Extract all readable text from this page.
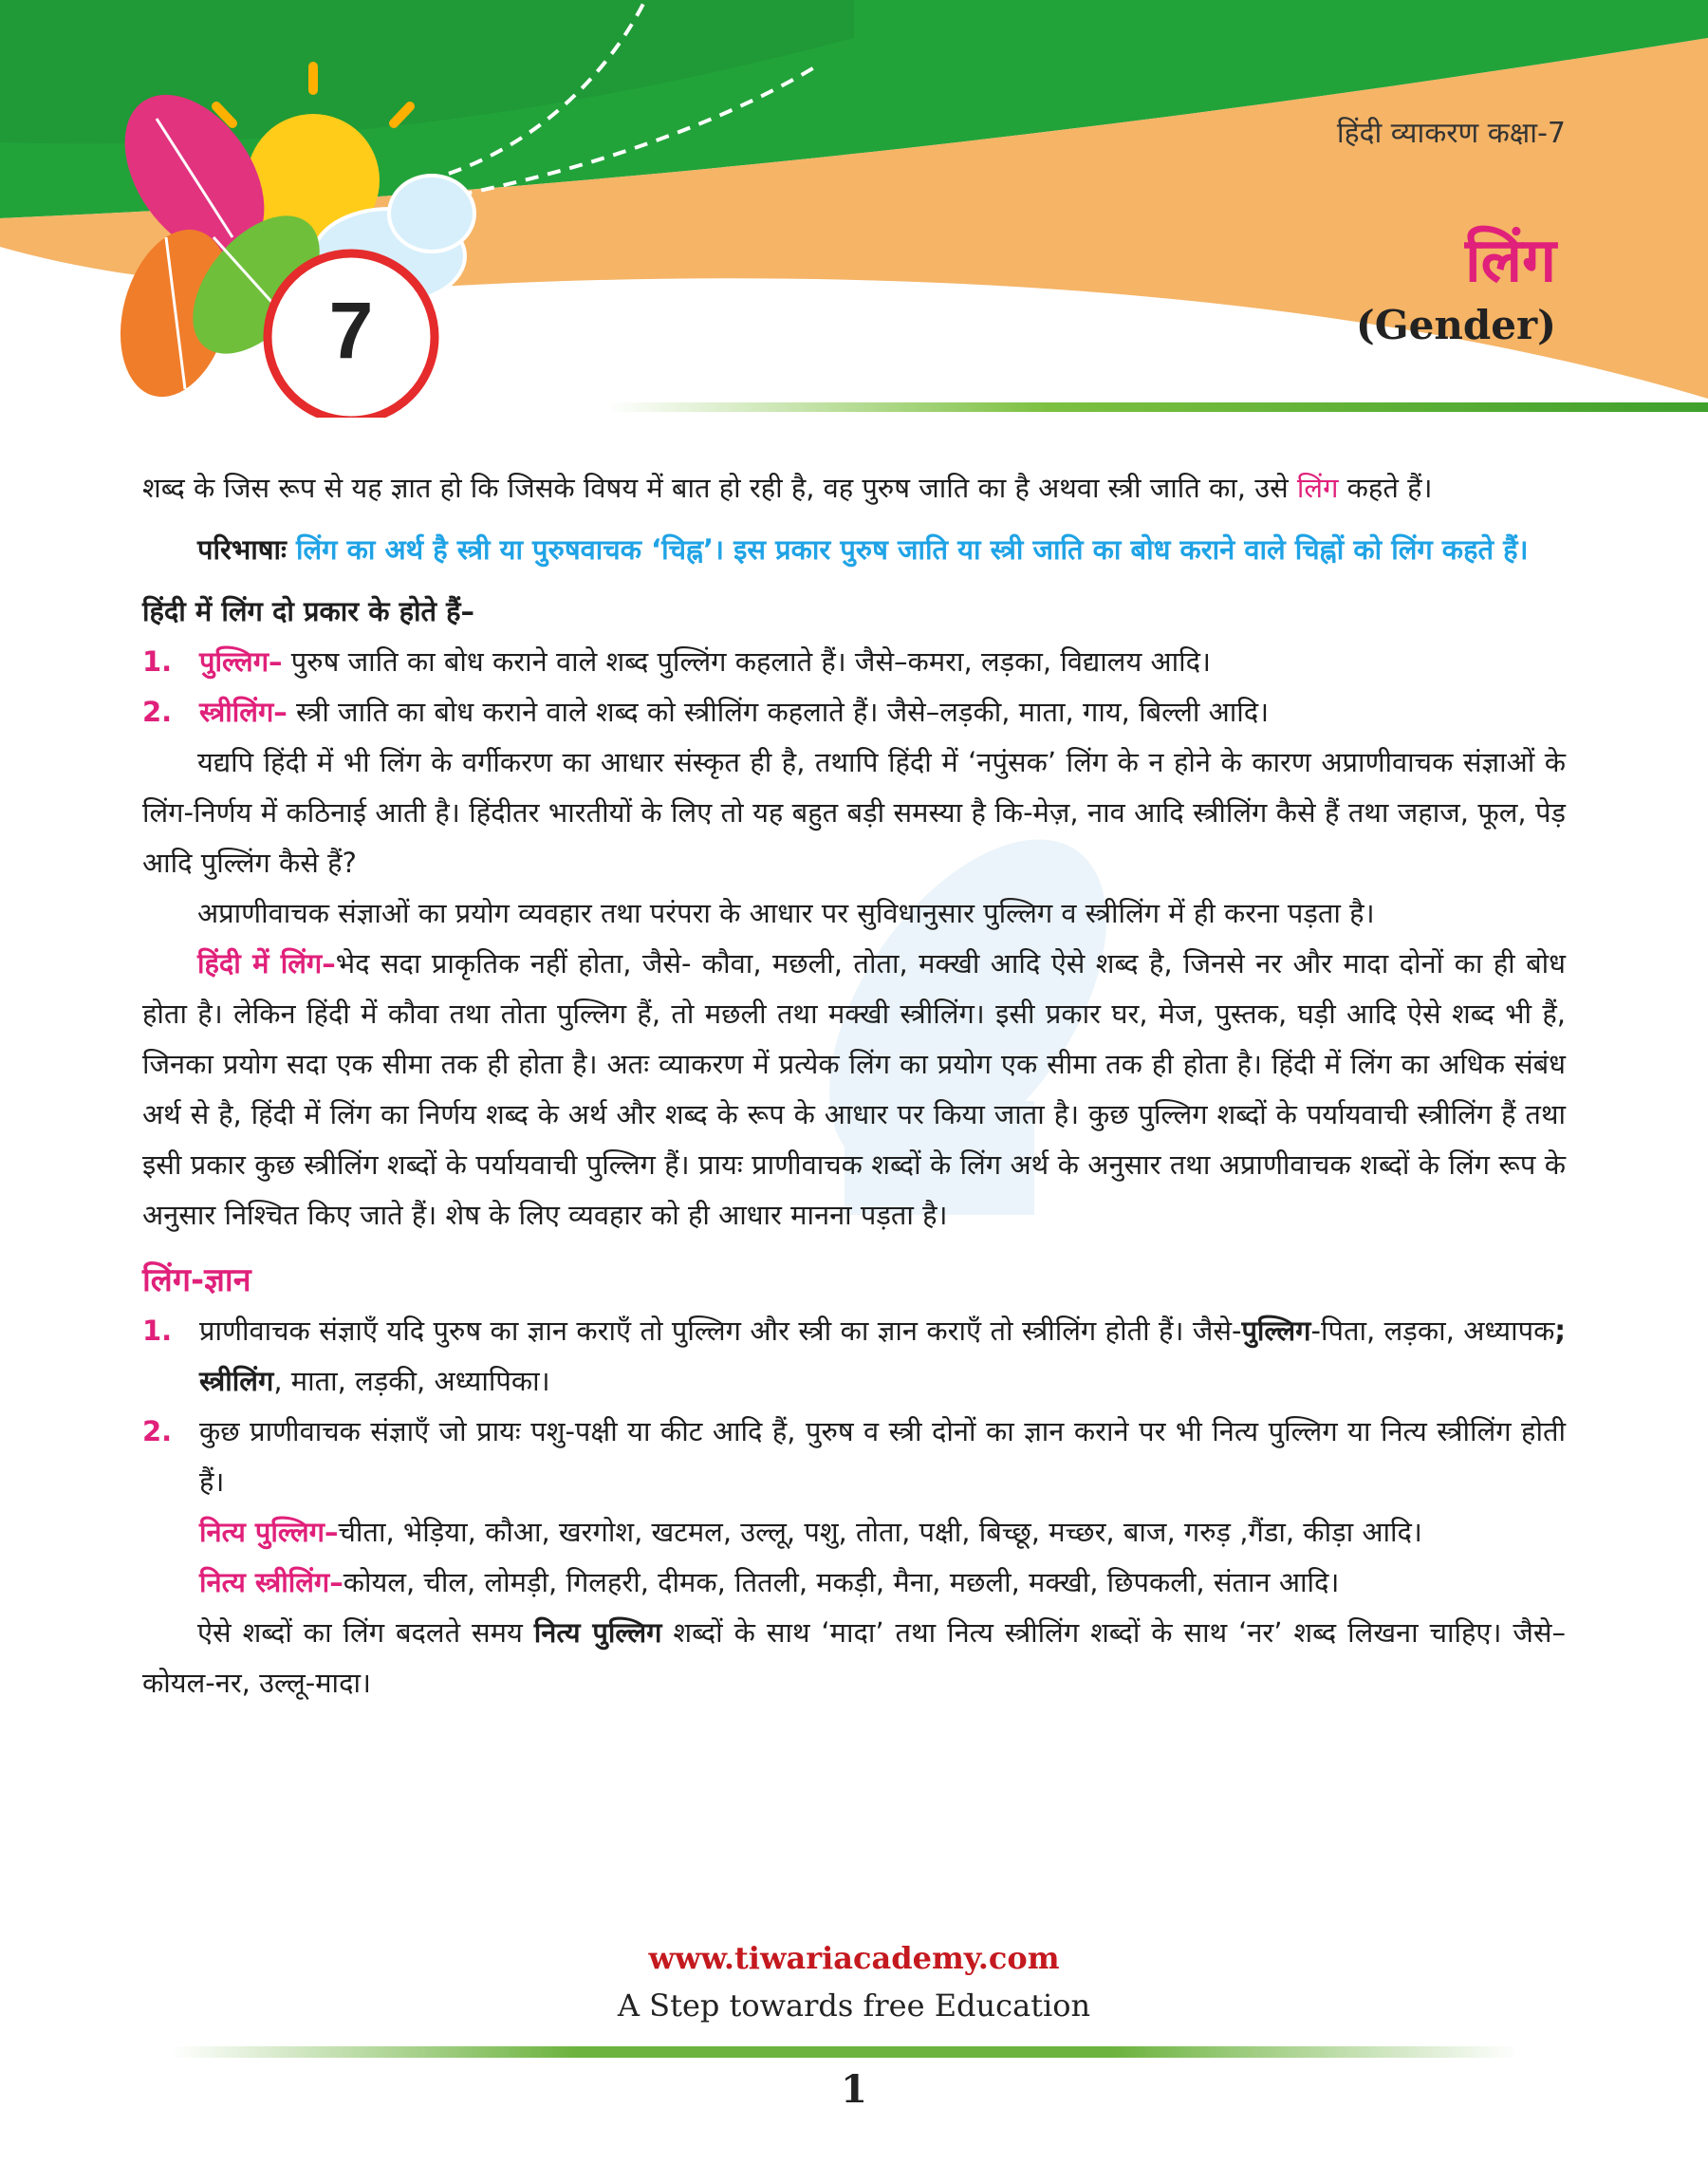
हिंदी व्याकरण कक्षा-7
लिंग
(Gender)
7

शब्द के जिस रूप से यह ज्ञात हो कि जिसके विषय में बात हो रही है, वह पुरुष जाति का है अथवा स्त्री जाति का, उसे लिंग कहते हैं।

परिभाषाः लिंग का अर्थ है स्त्री या पुरुषवाचक ‘चिह्न’। इस प्रकार पुरुष जाति या स्त्री जाति का बोध कराने वाले चिह्नों को लिंग कहते हैं।

हिंदी में लिंग दो प्रकार के होते हैं–

1. पुल्लिग– पुरुष जाति का बोध कराने वाले शब्द पुल्लिंग कहलाते हैं। जैसे–कमरा, लड़का, विद्यालय आदि।
2. स्त्रीलिंग– स्त्री जाति का बोध कराने वाले शब्द को स्त्रीलिंग कहलाते हैं। जैसे–लड़की, माता, गाय, बिल्ली आदि।

यद्यपि हिंदी में भी लिंग के वर्गीकरण का आधार संस्कृत ही है, तथापि हिंदी में ‘नपुंसक’ लिंग के न होने के कारण अप्राणीवाचक संज्ञाओं के लिंग-निर्णय में कठिनाई आती है। हिंदीतर भारतीयों के लिए तो यह बहुत बड़ी समस्या है कि-मेज़, नाव आदि स्त्रीलिंग कैसे हैं तथा जहाज, फूल, पेड़ आदि पुल्लिंग कैसे हैं?

अप्राणीवाचक संज्ञाओं का प्रयोग व्यवहार तथा परंपरा के आधार पर सुविधानुसार पुल्लिग व स्त्रीलिंग में ही करना पड़ता है।

हिंदी में लिंग–भेद सदा प्राकृतिक नहीं होता, जैसे- कौवा, मछली, तोता, मक्खी आदि ऐसे शब्द है, जिनसे नर और मादा दोनों का ही बोध होता है। लेकिन हिंदी में कौवा तथा तोता पुल्लिग हैं, तो मछली तथा मक्खी स्त्रीलिंग। इसी प्रकार घर, मेज, पुस्तक, घड़ी आदि ऐसे शब्द भी हैं, जिनका प्रयोग सदा एक सीमा तक ही होता है। अतः व्याकरण में प्रत्येक लिंग का प्रयोग एक सीमा तक ही होता है। हिंदी में लिंग का अधिक संबंध अर्थ से है, हिंदी में लिंग का निर्णय शब्द के अर्थ और शब्द के रूप के आधार पर किया जाता है। कुछ पुल्लिग शब्दों के पर्यायवाची स्त्रीलिंग हैं तथा इसी प्रकार कुछ स्त्रीलिंग शब्दों के पर्यायवाची पुल्लिग हैं। प्रायः प्राणीवाचक शब्दों के लिंग अर्थ के अनुसार तथा अप्राणीवाचक शब्दों के लिंग रूप के अनुसार निश्चित किए जाते हैं। शेष के लिए व्यवहार को ही आधार मानना पड़ता है।

लिंग-ज्ञान

1. प्राणीवाचक संज्ञाएँ यदि पुरुष का ज्ञान कराएँ तो पुल्लिग और स्त्री का ज्ञान कराएँ तो स्त्रीलिंग होती हैं। जैसे-पुल्लिग-पिता, लड़का, अध्यापक; स्त्रीलिंग, माता, लड़की, अध्यापिका।
2. कुछ प्राणीवाचक संज्ञाएँ जो प्रायः पशु-पक्षी या कीट आदि हैं, पुरुष व स्त्री दोनों का ज्ञान कराने पर भी नित्य पुल्लिग या नित्य स्त्रीलिंग होती हैं।

नित्य पुल्लिग–चीता, भेड़िया, कौआ, खरगोश, खटमल, उल्लू, पशु, तोता, पक्षी, बिच्छू, मच्छर, बाज, गरुड़ ,गैंडा, कीड़ा आदि।

नित्य स्त्रीलिंग–कोयल, चील, लोमड़ी, गिलहरी, दीमक, तितली, मकड़ी, मैना, मछली, मक्खी, छिपकली, संतान आदि।

ऐसे शब्दों का लिंग बदलते समय नित्य पुल्लिग शब्दों के साथ ‘मादा’ तथा नित्य स्त्रीलिंग शब्दों के साथ ‘नर’ शब्द लिखना चाहिए। जैसे–कोयल-नर, उल्लू-मादा।

www.tiwariacademy.com
A Step towards free Education
1
